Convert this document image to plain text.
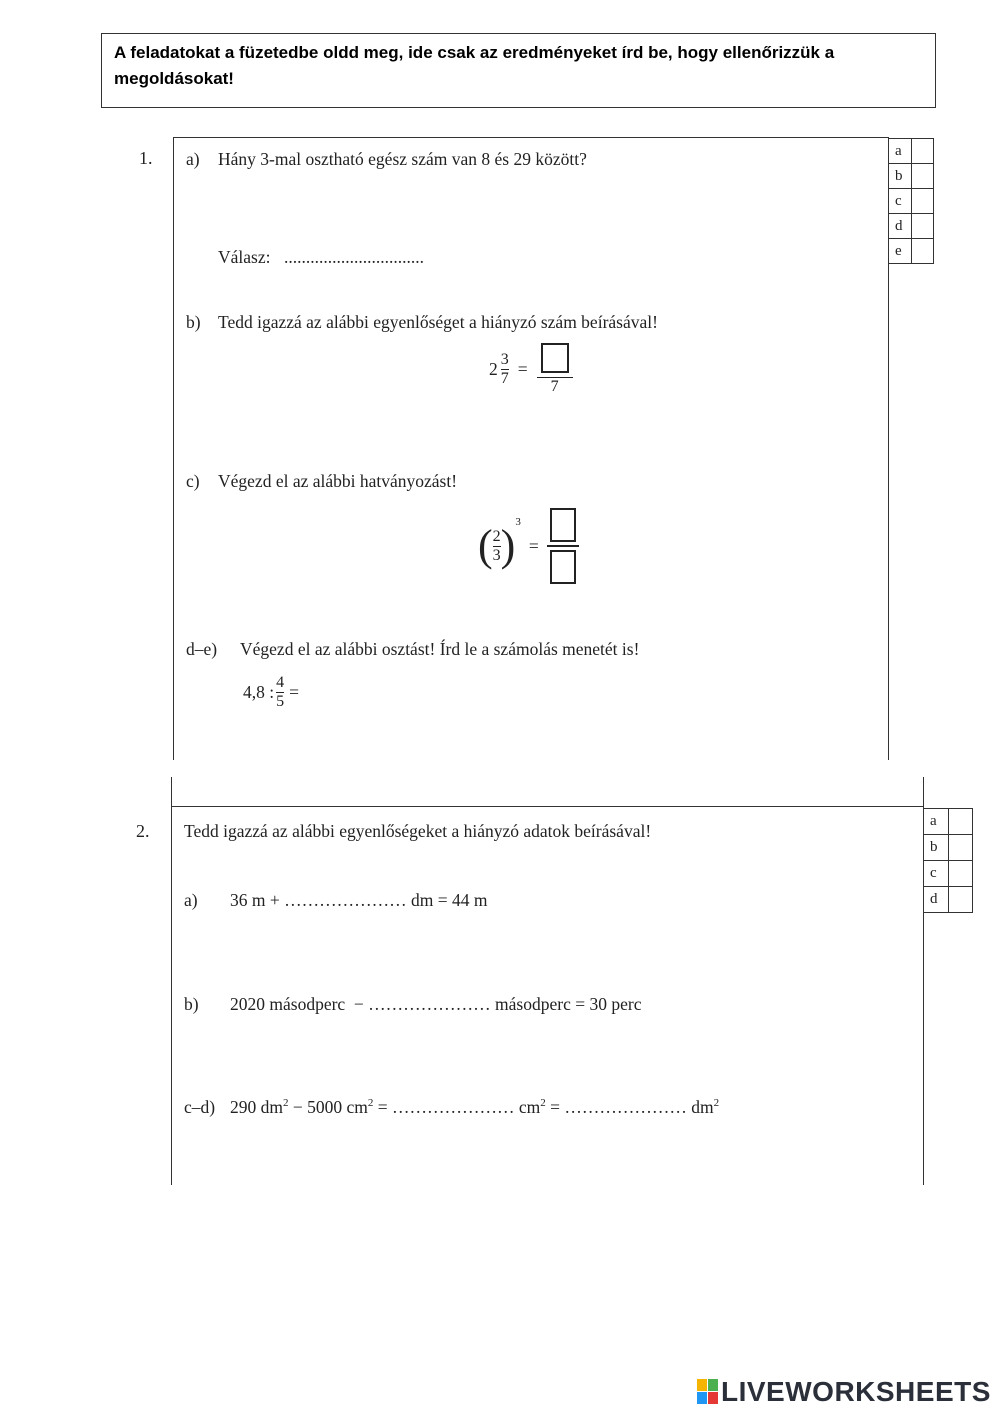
A feladatokat a füzetedbe oldd meg, ide csak az eredményeket írd be, hogy ellenőrizzük a megoldásokat!
1. a) Hány 3-mal osztható egész szám van 8 és 29 között?
Válasz: ................................
b) Tedd igazzá az alábbi egyenlőséget a hiányzó szám beírásával!
$2 \frac{3}{7}$ =
7
c) Végezd el az alábbi hatványozást!
( $\frac{2}{3}$ ) 3
=
d–e) Végezd el az alábbi osztást! Írd le a számolás menetét is!
4,8 : $\frac{4}{5}$ =
a	
b	
c	
d	
e	
2. Tedd igazzá az alábbi egyenlőségeket a hiányzó adatok beírásával!
a) 36 m + ………………… dm = 44 m
b) 2020 másodperc  − ………………… másodperc = 30 perc
c–d) 290 $dm^2 - 5000$ $cm^2$ = ………………… $cm^2$ = ………………… $dm^2$
a	
b	
c	
d	
LIVEWORKSHEETS
